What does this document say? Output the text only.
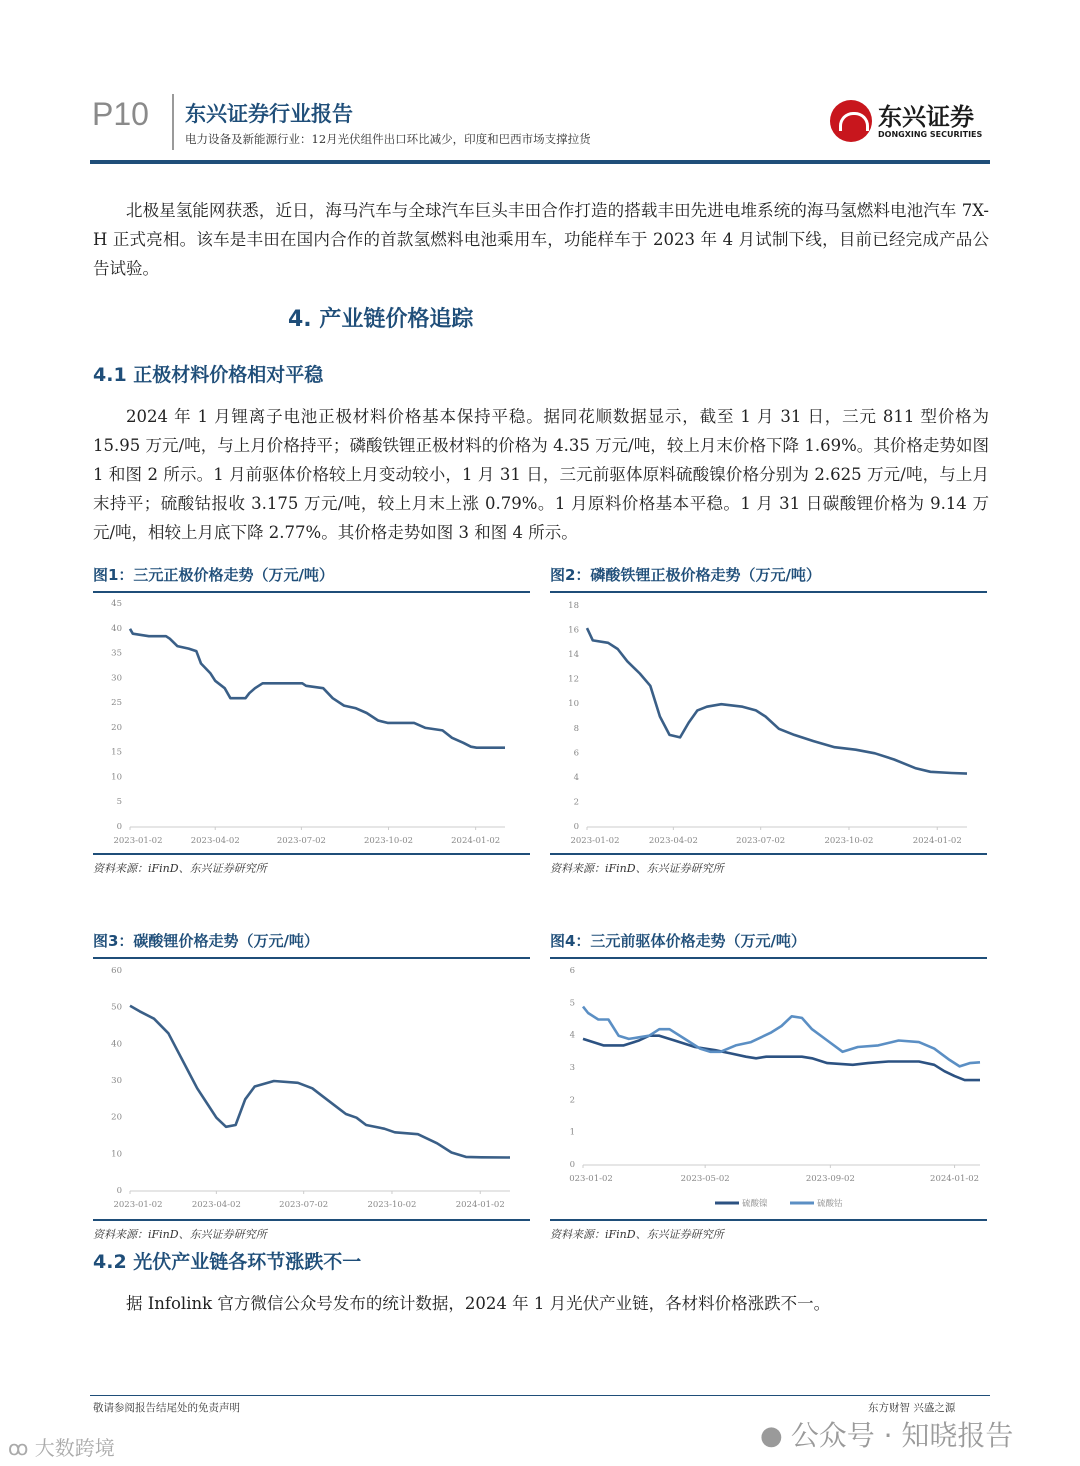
P10 东兴证券行业报告
电力设备及新能源行业：12月光伏组件出口环比减少，印度和巴西市场支撑拉货
东兴证券
DONGXING SECURITIES
北极星氢能网获悉，近日，海马汽车与全球汽车巨头丰田合作打造的搭载丰田先进电堆系统的海马氢燃料电池汽车 7X-H 正式亮相。该车是丰田在国内合作的首款氢燃料电池乘用车，功能样车于 2023 年 4 月试制下线，目前已经完成产品公告试验。
4. 产业链价格追踪
4.1 正极材料价格相对平稳
2024 年 1 月锂离子电池正极材料价格基本保持平稳。据同花顺数据显示，截至 1 月 31 日，三元 811 型价格为 15.95 万元/吨，与上月价格持平；磷酸铁锂正极材料的价格为 4.35 万元/吨，较上月末价格下降 1.69%。其价格走势如图 1 和图 2 所示。1 月前驱体价格较上月变动较小，1 月 31 日，三元前驱体原料硫酸镍价格分别为 2.625 万元/吨，与上月末持平；硫酸钴报收 3.175 万元/吨，较上月末上涨 0.79%。1 月原料价格基本平稳。1 月 31 日碳酸锂价格为 9.14 万元/吨，相较上月底下降 2.77%。其价格走势如图 3 和图 4 所示。
图1：三元正极价格走势（万元/吨）
0
5
10
15
20
25
30
35
40
45
2023-01-02	2023-04-02	2023-07-02	2023-10-02	2024-01-02
资料来源：iFinD、东兴证券研究所
图2：磷酸铁锂正极价格走势（万元/吨）
0
2
4
6
8
10
12
14
16
18
2023-01-02	2023-04-02	2023-07-02	2023-10-02	2024-01-02
资料来源：iFinD、东兴证券研究所
图3：碳酸锂价格走势（万元/吨）
0
10
20
30
40
50
60
2023-01-02	2023-04-02	2023-07-02	2023-10-02	2024-01-02
资料来源：iFinD、东兴证券研究所
图4：三元前驱体价格走势（万元/吨）
0
1
2
3
4
5
6
023-01-02	2023-05-02	2023-09-02	2024-01-02
硫酸镍	硫酸钴
资料来源：iFinD、东兴证券研究所
4.2 光伏产业链各环节涨跌不一
据 Infolink 官方微信公众号发布的统计数据，2024 年 1 月光伏产业链，各材料价格涨跌不一。
敬请参阅报告结尾处的免责声明	东方财智 兴盛之源
● 公众号 · 知晓报告
ꝏ 大数跨境
